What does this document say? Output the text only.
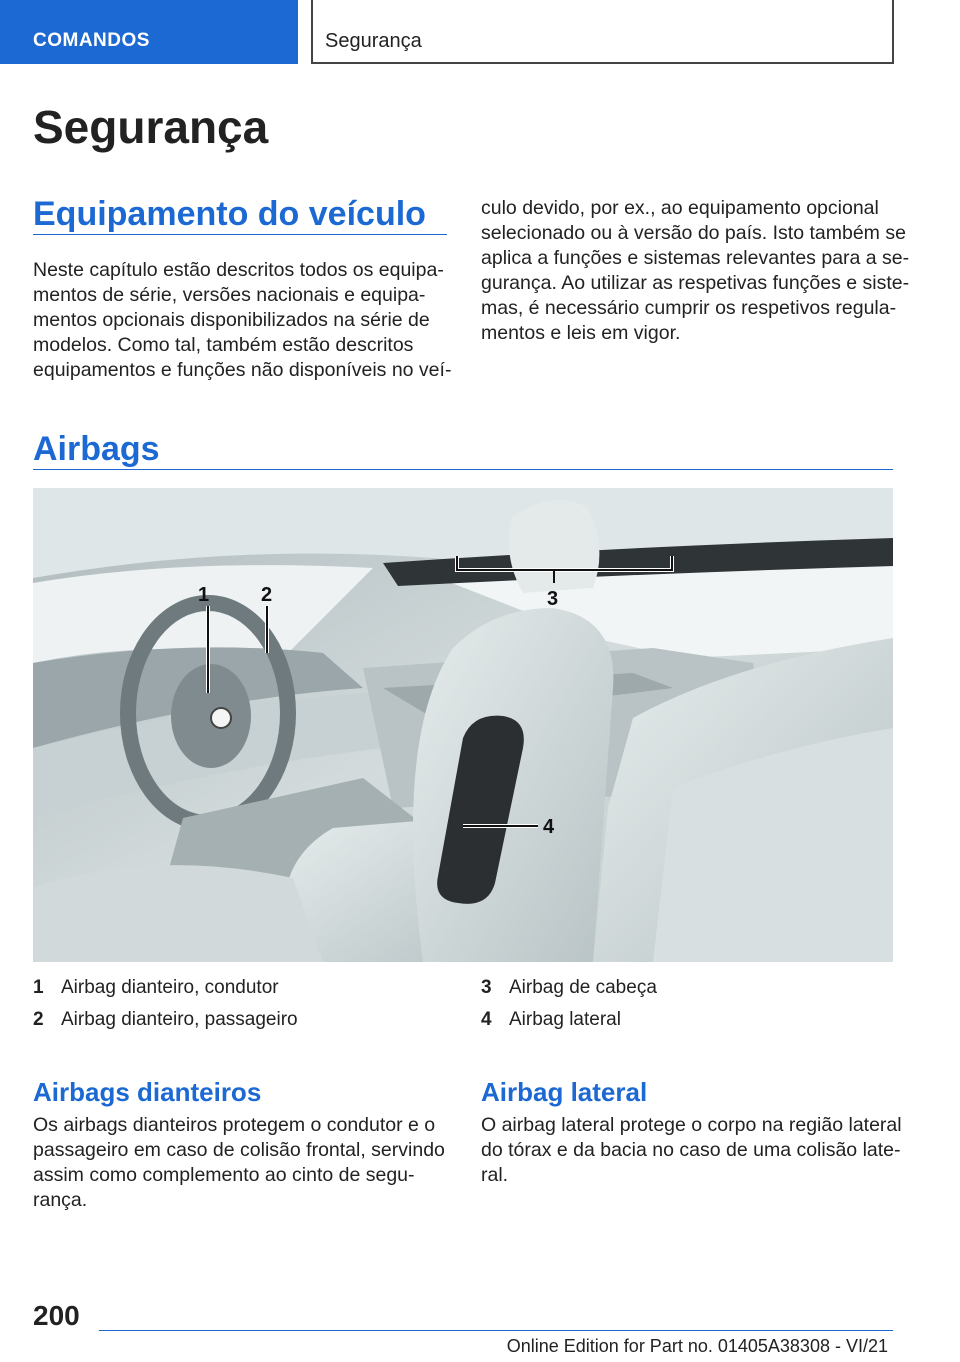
COMANDOS	Segurança
Segurança
Equipamento do veículo

Neste capítulo estão descritos todos os equipa-
mentos de série, versões nacionais e equipa-
mentos opcionais disponibilizados na série de
modelos. Como tal, também estão descritos
equipamentos e funções não disponíveis no veí-

culo devido, por ex., ao equipamento opcional
selecionado ou à versão do país. Isto também se
aplica a funções e sistemas relevantes para a se-
gurança. Ao utilizar as respetivas funções e siste-
mas, é necessário cumprir os respetivos regula-
mentos e leis em vigor.

Airbags
1	2	3
4
1 Airbag dianteiro, condutor
2 Airbag dianteiro, passageiro
3 Airbag de cabeça
4 Airbag lateral
Airbags dianteiros

Os airbags dianteiros protegem o condutor e o
passageiro em caso de colisão frontal, servindo
assim como complemento ao cinto de segu-
rança.

Airbag lateral

O airbag lateral protege o corpo na região lateral
do tórax e da bacia no caso de uma colisão late-
ral.

200
Online Edition for Part no. 01405A38308 - VI/21
